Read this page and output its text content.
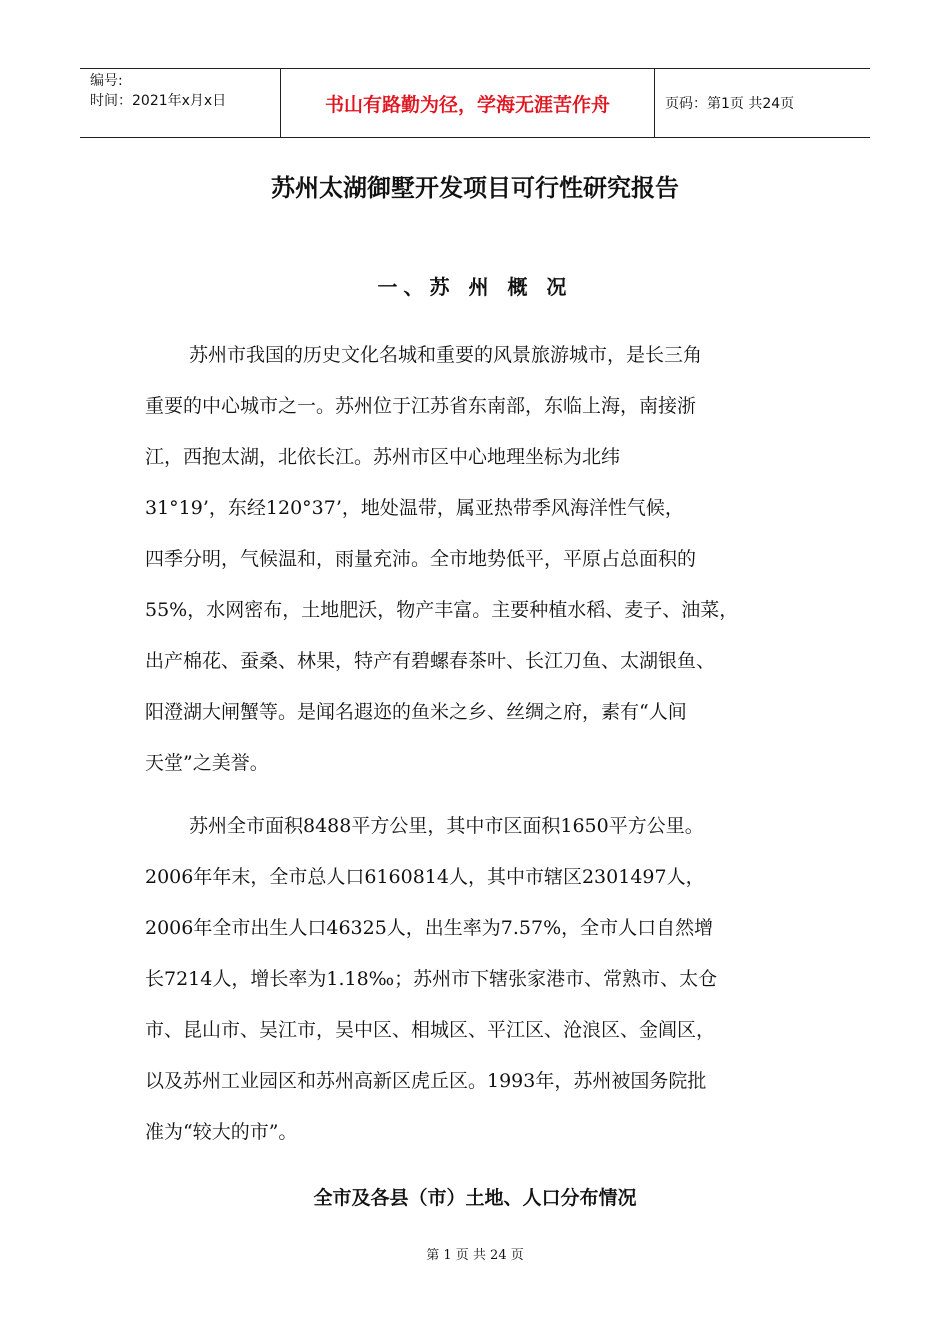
编号:
时间：2021年x月x日	书山有路勤为径，学海无涯苦作舟	页码：第1页 共24页
苏州太湖御墅开发项目可行性研究报告
一、苏 州 概 况
苏州市我国的历史文化名城和重要的风景旅游城市，是长三角
重要的中心城市之一。苏州位于江苏省东南部，东临上海，南接浙
江，西抱太湖，北依长江。苏州市区中心地理坐标为北纬
31°19’，东经120°37’，地处温带，属亚热带季风海洋性气候，
四季分明，气候温和，雨量充沛。全市地势低平，平原占总面积的
55%，水网密布，土地肥沃，物产丰富。主要种植水稻、麦子、油菜，
出产棉花、蚕桑、林果，特产有碧螺春茶叶、长江刀鱼、太湖银鱼、
阳澄湖大闸蟹等。是闻名遐迩的鱼米之乡、丝绸之府，素有“人间
天堂”之美誉。
苏州全市面积8488平方公里，其中市区面积1650平方公里。
2006年年末，全市总人口6160814人，其中市辖区2301497人，
2006年全市出生人口46325人，出生率为7.57%，全市人口自然增
长7214人，增长率为1.18‰；苏州市下辖张家港市、常熟市、太仓
市、昆山市、吴江市，吴中区、相城区、平江区、沧浪区、金阊区，
以及苏州工业园区和苏州高新区虎丘区。1993年，苏州被国务院批
准为“较大的市”。
全市及各县（市）土地、人口分布情况
第 1 页 共 24 页
